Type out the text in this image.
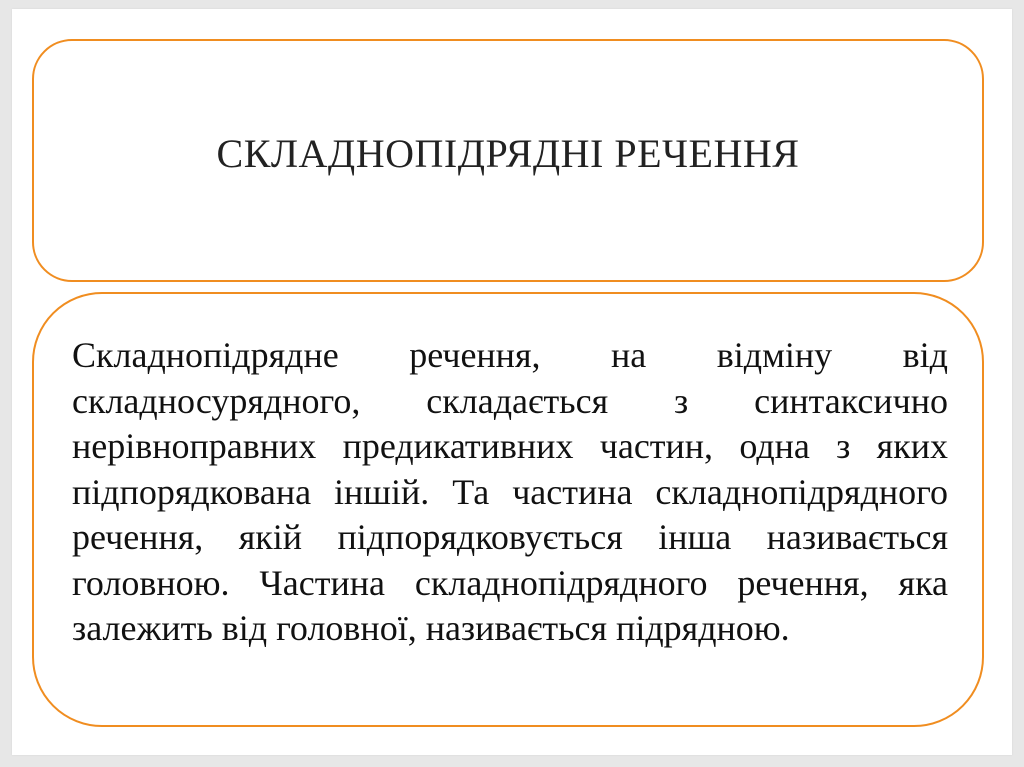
СКЛАДНОПІДРЯДНІ РЕЧЕННЯ

Складнопідрядне речення, на відміну від складносурядного, складається з синтаксично нерівноправних предикативних частин, одна з яких підпорядкована іншій. Та частина складнопідрядного речення, якій підпорядковується інша називається головною. Частина складнопідрядного речення, яка залежить від головної, називається підрядною.
